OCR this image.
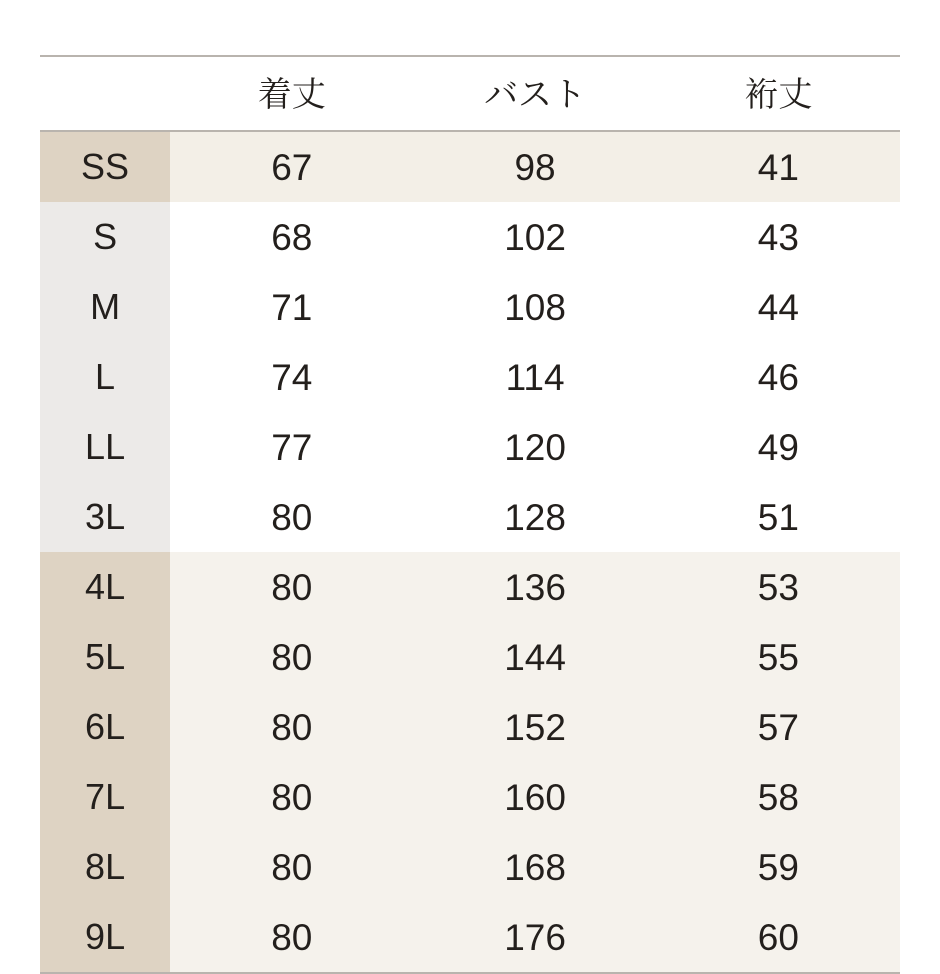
	着丈	バスト	裄丈
SS	67	98	41
S	68	102	43
M	71	108	44
L	74	114	46
LL	77	120	49
3L	80	128	51
4L	80	136	53
5L	80	144	55
6L	80	152	57
7L	80	160	58
8L	80	168	59
9L	80	176	60
